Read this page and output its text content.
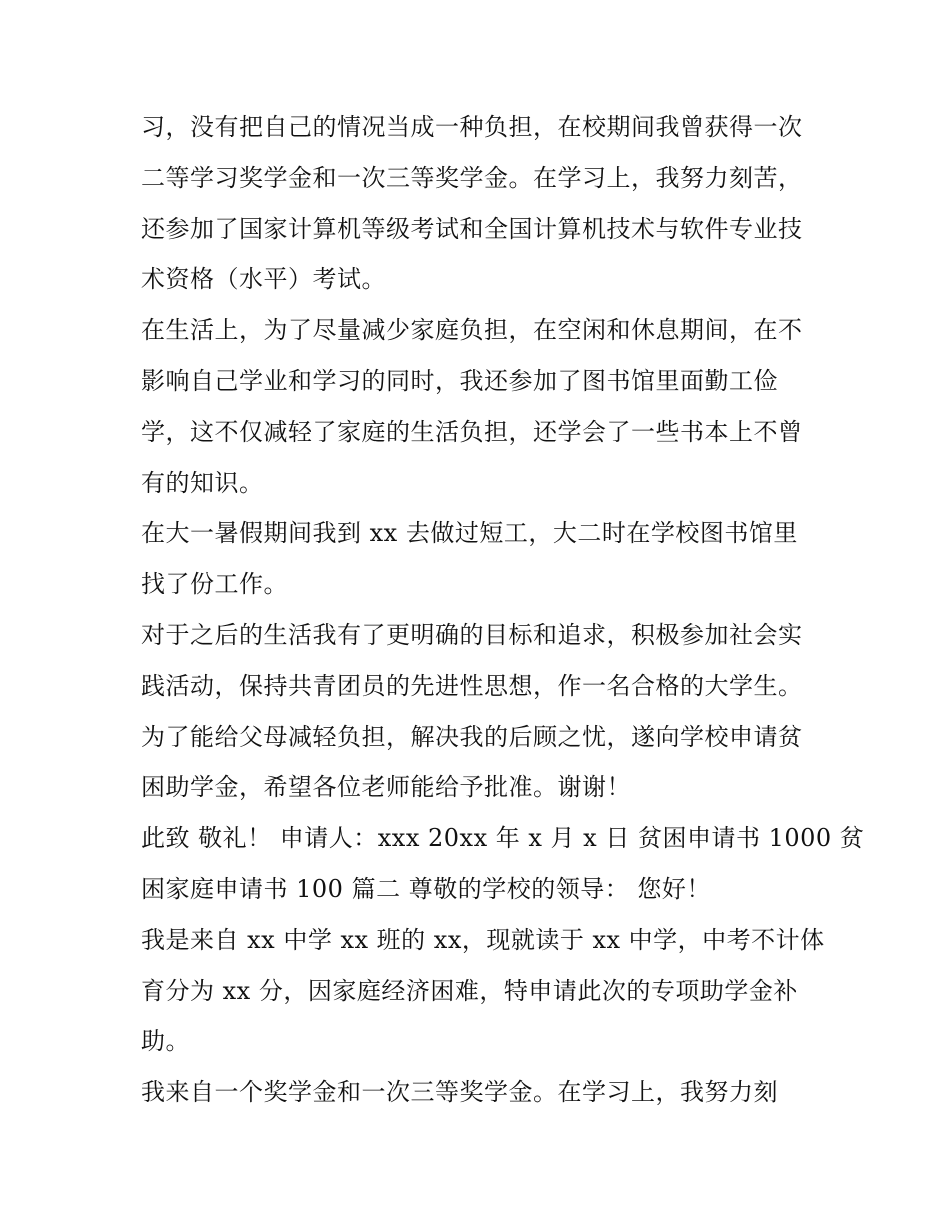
习，没有把自己的情况当成一种负担，在校期间我曾获得一次
二等学习奖学金和一次三等奖学金。在学习上，我努力刻苦，
还参加了国家计算机等级考试和全国计算机技术与软件专业技
术资格（水平）考试。
在生活上，为了尽量减少家庭负担，在空闲和休息期间，在不
影响自己学业和学习的同时，我还参加了图书馆里面勤工俭
学，这不仅减轻了家庭的生活负担，还学会了一些书本上不曾
有的知识。
在大一暑假期间我到 xx 去做过短工，大二时在学校图书馆里
找了份工作。
对于之后的生活我有了更明确的目标和追求，积极参加社会实
践活动，保持共青团员的先进性思想，作一名合格的大学生。
为了能给父母减轻负担，解决我的后顾之忧，遂向学校申请贫
困助学金，希望各位老师能给予批准。谢谢！
此致 敬礼！ 申请人：xxx 20xx 年 x 月 x 日 贫困申请书 1000 贫
困家庭申请书 100 篇二 尊敬的学校的领导： 您好！
我是来自 xx 中学 xx 班的 xx，现就读于 xx 中学，中考不计体
育分为 xx 分，因家庭经济困难，特申请此次的专项助学金补
助。
我来自一个奖学金和一次三等奖学金。在学习上，我努力刻
